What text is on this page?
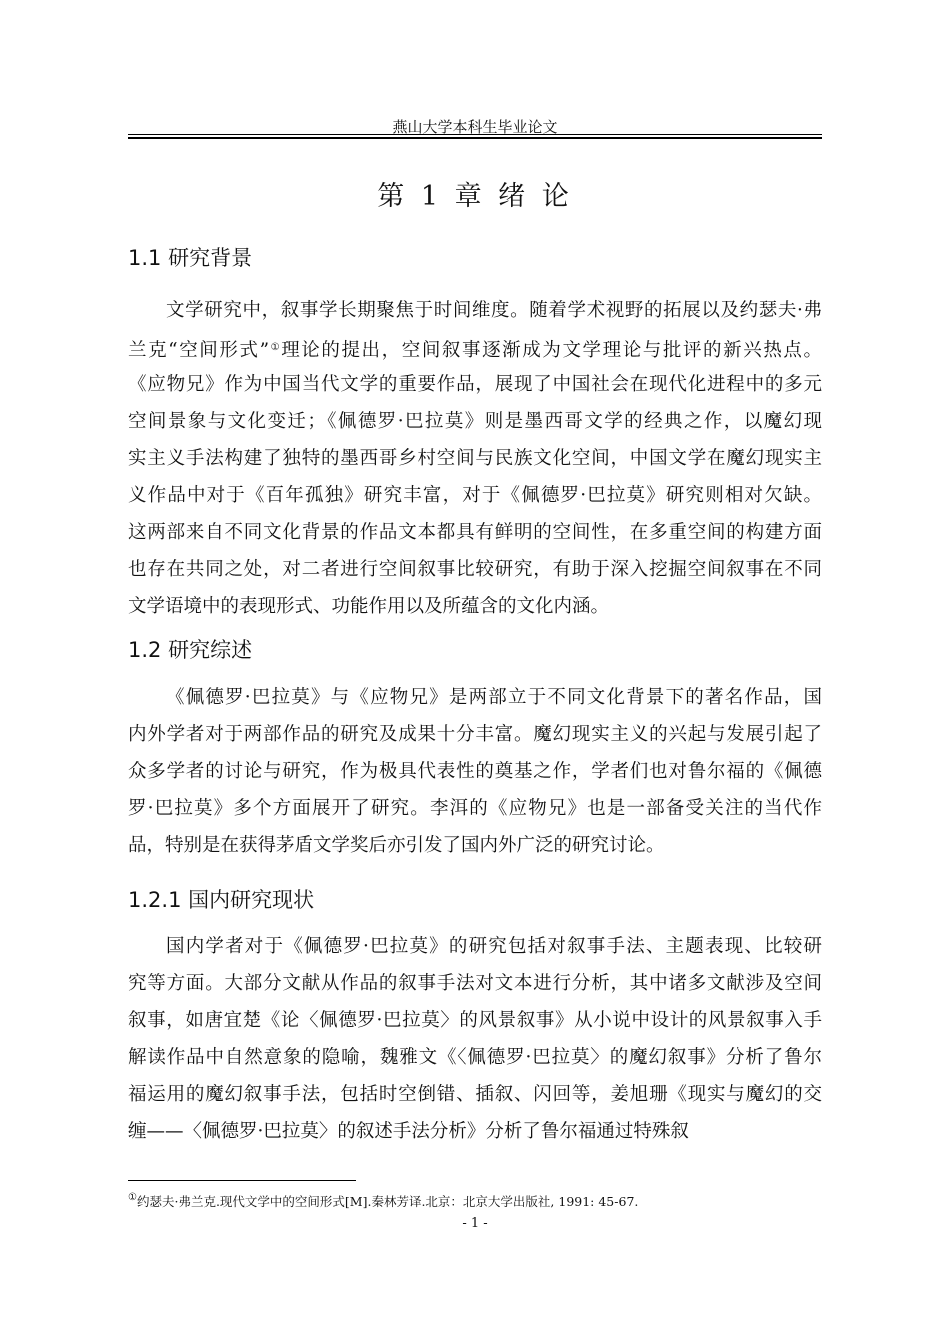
燕山大学本科生毕业论文
第 1 章 绪 论
1.1 研究背景
文学研究中，叙事学长期聚焦于时间维度。随着学术视野的拓展以及约瑟夫·弗
兰克“空间形式”①理论的提出，空间叙事逐渐成为文学理论与批评的新兴热点。
《应物兄》作为中国当代文学的重要作品，展现了中国社会在现代化进程中的多元
空间景象与文化变迁；《佩德罗·巴拉莫》则是墨西哥文学的经典之作，以魔幻现
实主义手法构建了独特的墨西哥乡村空间与民族文化空间，中国文学在魔幻现实主
义作品中对于《百年孤独》研究丰富，对于《佩德罗·巴拉莫》研究则相对欠缺。
这两部来自不同文化背景的作品文本都具有鲜明的空间性，在多重空间的构建方面
也存在共同之处，对二者进行空间叙事比较研究，有助于深入挖掘空间叙事在不同
文学语境中的表现形式、功能作用以及所蕴含的文化内涵。
1.2 研究综述
《佩德罗·巴拉莫》与《应物兄》是两部立于不同文化背景下的著名作品，国
内外学者对于两部作品的研究及成果十分丰富。魔幻现实主义的兴起与发展引起了
众多学者的讨论与研究，作为极具代表性的奠基之作，学者们也对鲁尔福的《佩德
罗·巴拉莫》多个方面展开了研究。李洱的《应物兄》也是一部备受关注的当代作
品，特别是在获得茅盾文学奖后亦引发了国内外广泛的研究讨论。
1.2.1 国内研究现状
国内学者对于《佩德罗·巴拉莫》的研究包括对叙事手法、主题表现、比较研
究等方面。大部分文献从作品的叙事手法对文本进行分析，其中诸多文献涉及空间
叙事，如唐宜楚《论〈佩德罗·巴拉莫〉的风景叙事》从小说中设计的风景叙事入手
解读作品中自然意象的隐喻，魏雅文《〈佩德罗·巴拉莫〉的魔幻叙事》分析了鲁尔
福运用的魔幻叙事手法，包括时空倒错、插叙、闪回等，姜旭珊《现实与魔幻的交
缠——〈佩德罗·巴拉莫〉的叙述手法分析》分析了鲁尔福通过特殊叙
①约瑟夫·弗兰克.现代文学中的空间形式[M].秦林芳译.北京：北京大学出版社, 1991: 45-67.
- 1 -
